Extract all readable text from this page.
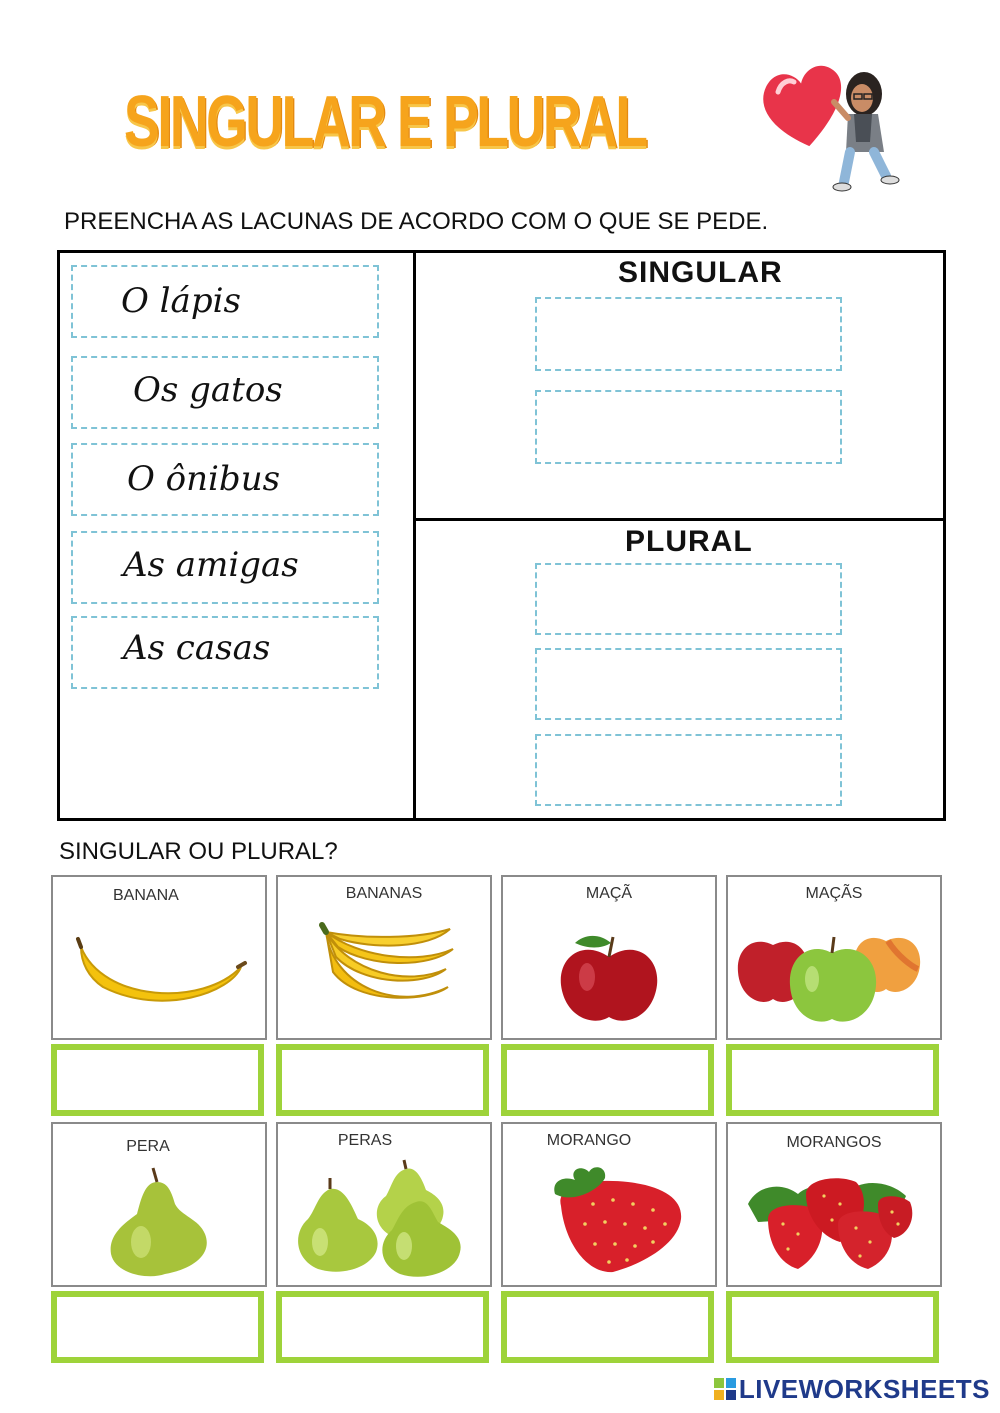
SINGULAR E PLURAL
PREENCHA AS LACUNAS DE ACORDO COM O QUE SE PEDE.
O lápis
Os gatos
O ônibus
As amigas
As casas
SINGULAR
PLURAL
SINGULAR OU PLURAL?
BANANA	BANANAS	MAÇÃ	MAÇÃS
PERA	PERAS	MORANGO	MORANGOS
LIVEWORKSHEETS
